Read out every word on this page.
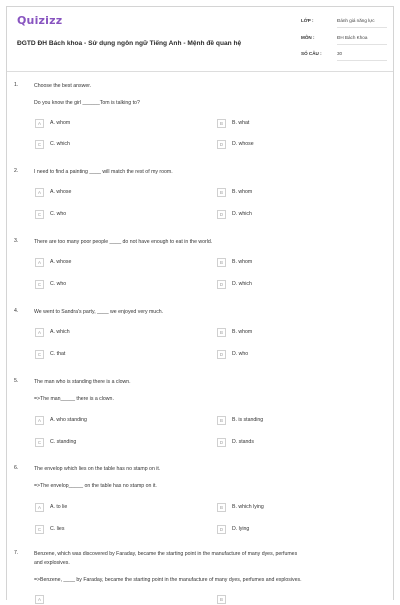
Quizizz
ĐGTD ĐH Bách khoa - Sử dụng ngôn ngữ Tiếng Anh - Mệnh đề quan hệ
LỚP :	Đánh giá năng lực
MÔN :	ĐH Bách Khoa
SỐ CÂU :	30
1.	Choose the best answer.
Do you know the girl ______Tom is talking to?
A	A. whom	B	B. what
C	C. which	D	D. whose
2.	I need to find a painting ____ will match the rest of my room.
A	A. whose	B	B. whom
C	C. who	D	D. which
3.	There are too many poor people ____ do not have enough to eat in the world.
A	A. whose	B	B. whom
C	C. who	D	D. which
4.	We went to Sandra's party, ____ we enjoyed very much.
A	A. which	B	B. whom
C	C. that	D	D. who
5.	The man who is standing there is a clown.
=>The man_____ there is a clown.
A	A. who standing	B	B. is standing
C	C. standing	D	D. stands
6.	The envelop which lies on the table has no stamp on it.
=>The envelop_____ on the table has no stamp on it.
A	A. to lie	B	B. which lying
C	C. lies	D	D. lying
7.	Benzene, which was discovered by Faraday, became the starting point in the manufacture of many dyes, perfumes
and explosives.
=>Benzene, ____ by Faraday, became the starting point in the manufacture of many dyes, perfumes and explosives.
A	B
